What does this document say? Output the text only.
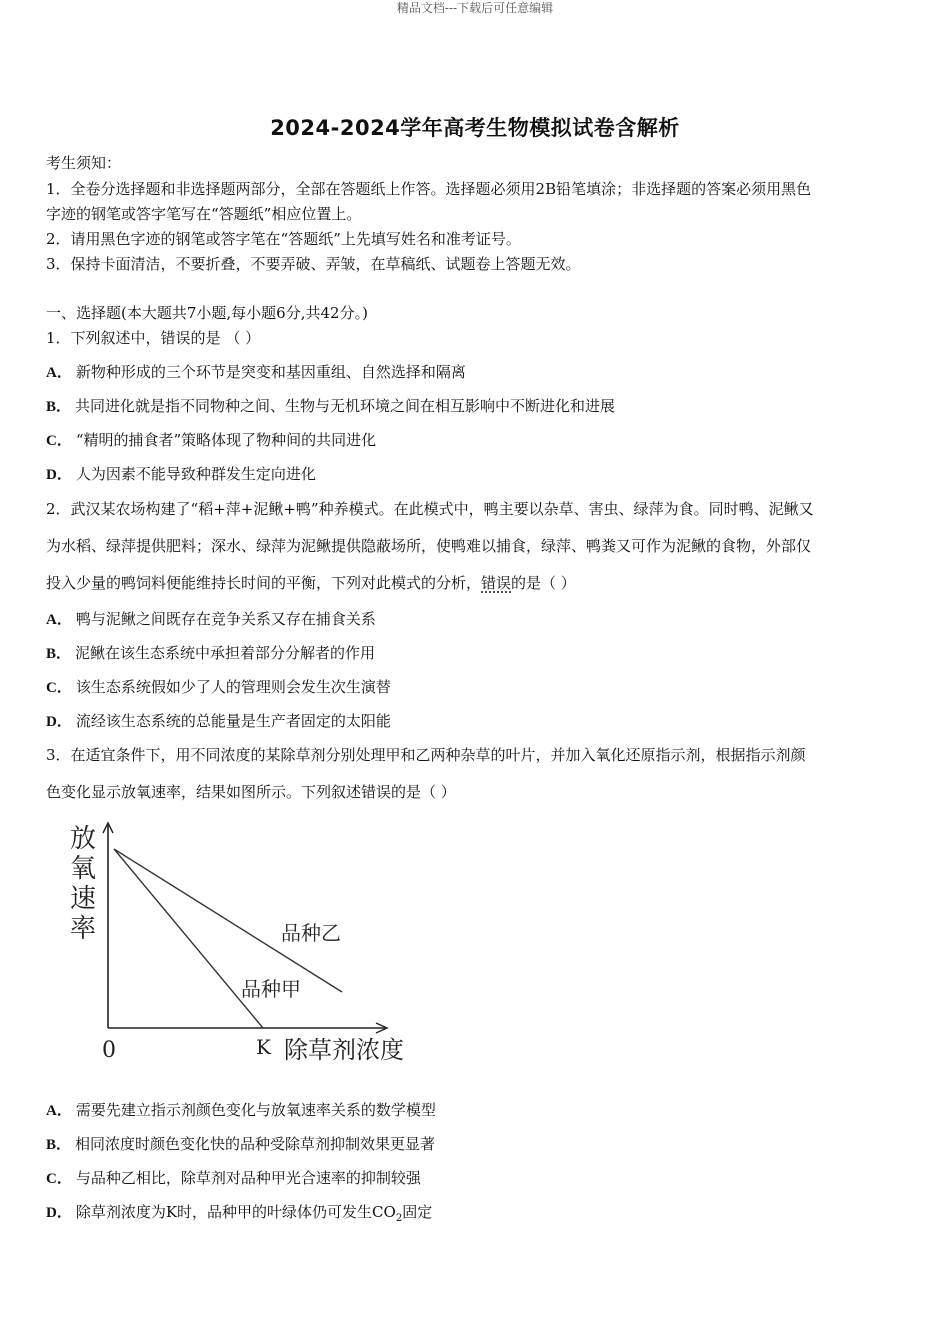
精品文档---下载后可任意编辑
2024-2024学年高考生物模拟试卷含解析
考生须知：
1．全卷分选择题和非选择题两部分，全部在答题纸上作答。选择题必须用2B铅笔填涂；非选择题的答案必须用黑色
字迹的钢笔或答字笔写在“答题纸”相应位置上。
2．请用黑色字迹的钢笔或答字笔在“答题纸”上先填写姓名和准考证号。
3．保持卡面清洁，不要折叠，不要弄破、弄皱，在草稿纸、试题卷上答题无效。
一、选择题(本大题共7小题,每小题6分,共42分。)
1．下列叙述中，错误的是 （ ）
A． 新物种形成的三个环节是突变和基因重组、自然选择和隔离
B． 共同进化就是指不同物种之间、生物与无机环境之间在相互影响中不断进化和进展
C． “精明的捕食者”策略体现了物种间的共同进化
D． 人为因素不能导致种群发生定向进化
2．武汉某农场构建了“稻+萍+泥鳅+鸭”种养模式。在此模式中，鸭主要以杂草、害虫、绿萍为食。同时鸭、泥鳅又
为水稻、绿萍提供肥料；深水、绿萍为泥鳅提供隐蔽场所，使鸭难以捕食，绿萍、鸭粪又可作为泥鳅的食物，外部仅
投入少量的鸭饲料便能维持长时间的平衡，下列对此模式的分析，错误的是（ ）
A． 鸭与泥鳅之间既存在竞争关系又存在捕食关系
B． 泥鳅在该生态系统中承担着部分分解者的作用
C． 该生态系统假如少了人的管理则会发生次生演替
D． 流经该生态系统的总能量是生产者固定的太阳能
3．在适宜条件下，用不同浓度的某除草剂分别处理甲和乙两种杂草的叶片，并加入氧化还原指示剂，根据指示剂颜
色变化显示放氧速率，结果如图所示。下列叙述错误的是（ ）
放
氧
速
率	品种乙
品种甲
0	K 除草剂浓度
A． 需要先建立指示剂颜色变化与放氧速率关系的数学模型
B． 相同浓度时颜色变化快的品种受除草剂抑制效果更显著
C． 与品种乙相比，除草剂对品种甲光合速率的抑制较强
D． 除草剂浓度为K时，品种甲的叶绿体仍可发生$CO_2$固定
